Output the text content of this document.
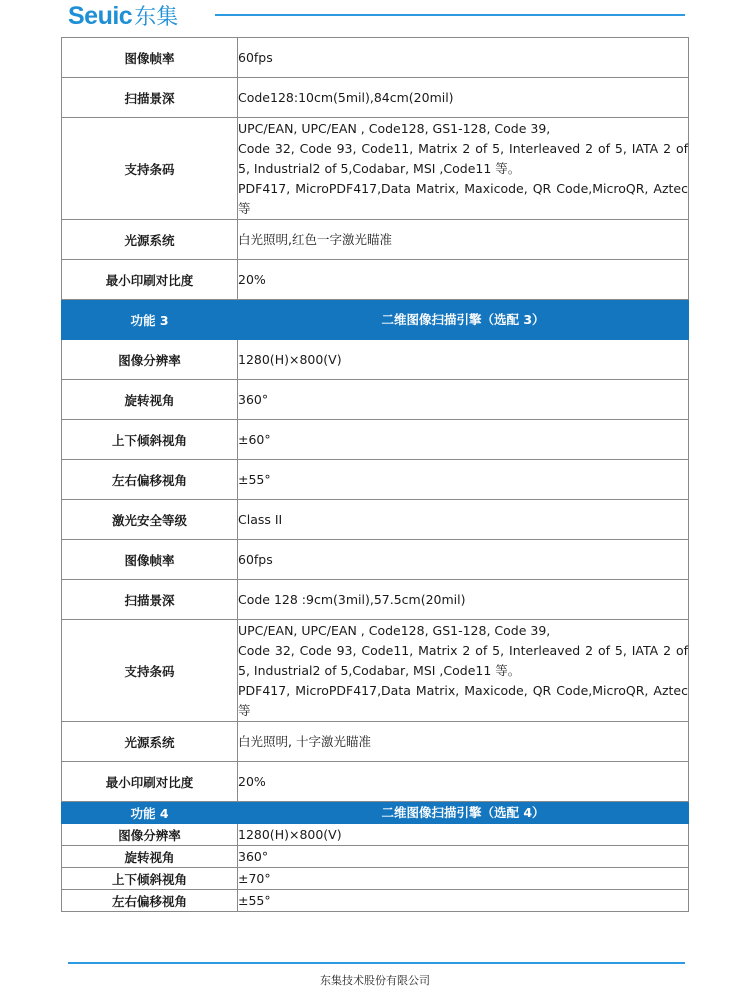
Seuic 东集
图像帧率	60fps
扫描景深	Code128:10cm(5mil),84cm(20mil)
支持条码	UPC/EAN, UPC/EAN , Code128, GS1-128, Code 39,
Code 32, Code 93, Code11, Matrix 2 of 5, Interleaved 2 of 5, IATA 2 of 5, Industrial2 of 5,Codabar, MSI ,Code11 等。
PDF417, MicroPDF417,Data Matrix, Maxicode, QR Code,MicroQR, Aztec 等

光源系统	白光照明,红色一字激光瞄准
最小印刷对比度	20%
功能 3	二维图像扫描引擎（选配 3）
图像分辨率	1280(H)×800(V)
旋转视角	360°
上下倾斜视角	±60°
左右偏移视角	±55°
激光安全等级	Class II
图像帧率	60fps
扫描景深	Code 128 :9cm(3mil),57.5cm(20mil)
支持条码	UPC/EAN, UPC/EAN , Code128, GS1-128, Code 39,
Code 32, Code 93, Code11, Matrix 2 of 5, Interleaved 2 of 5, IATA 2 of 5, Industrial2 of 5,Codabar, MSI ,Code11 等。
PDF417, MicroPDF417,Data Matrix, Maxicode, QR Code,MicroQR, Aztec 等

光源系统	白光照明, 十字激光瞄准
最小印刷对比度	20%
功能 4	二维图像扫描引擎（选配 4）
图像分辨率	1280(H)×800(V)
旋转视角	360°
上下倾斜视角	±70°
左右偏移视角	±55°
东集技术股份有限公司
